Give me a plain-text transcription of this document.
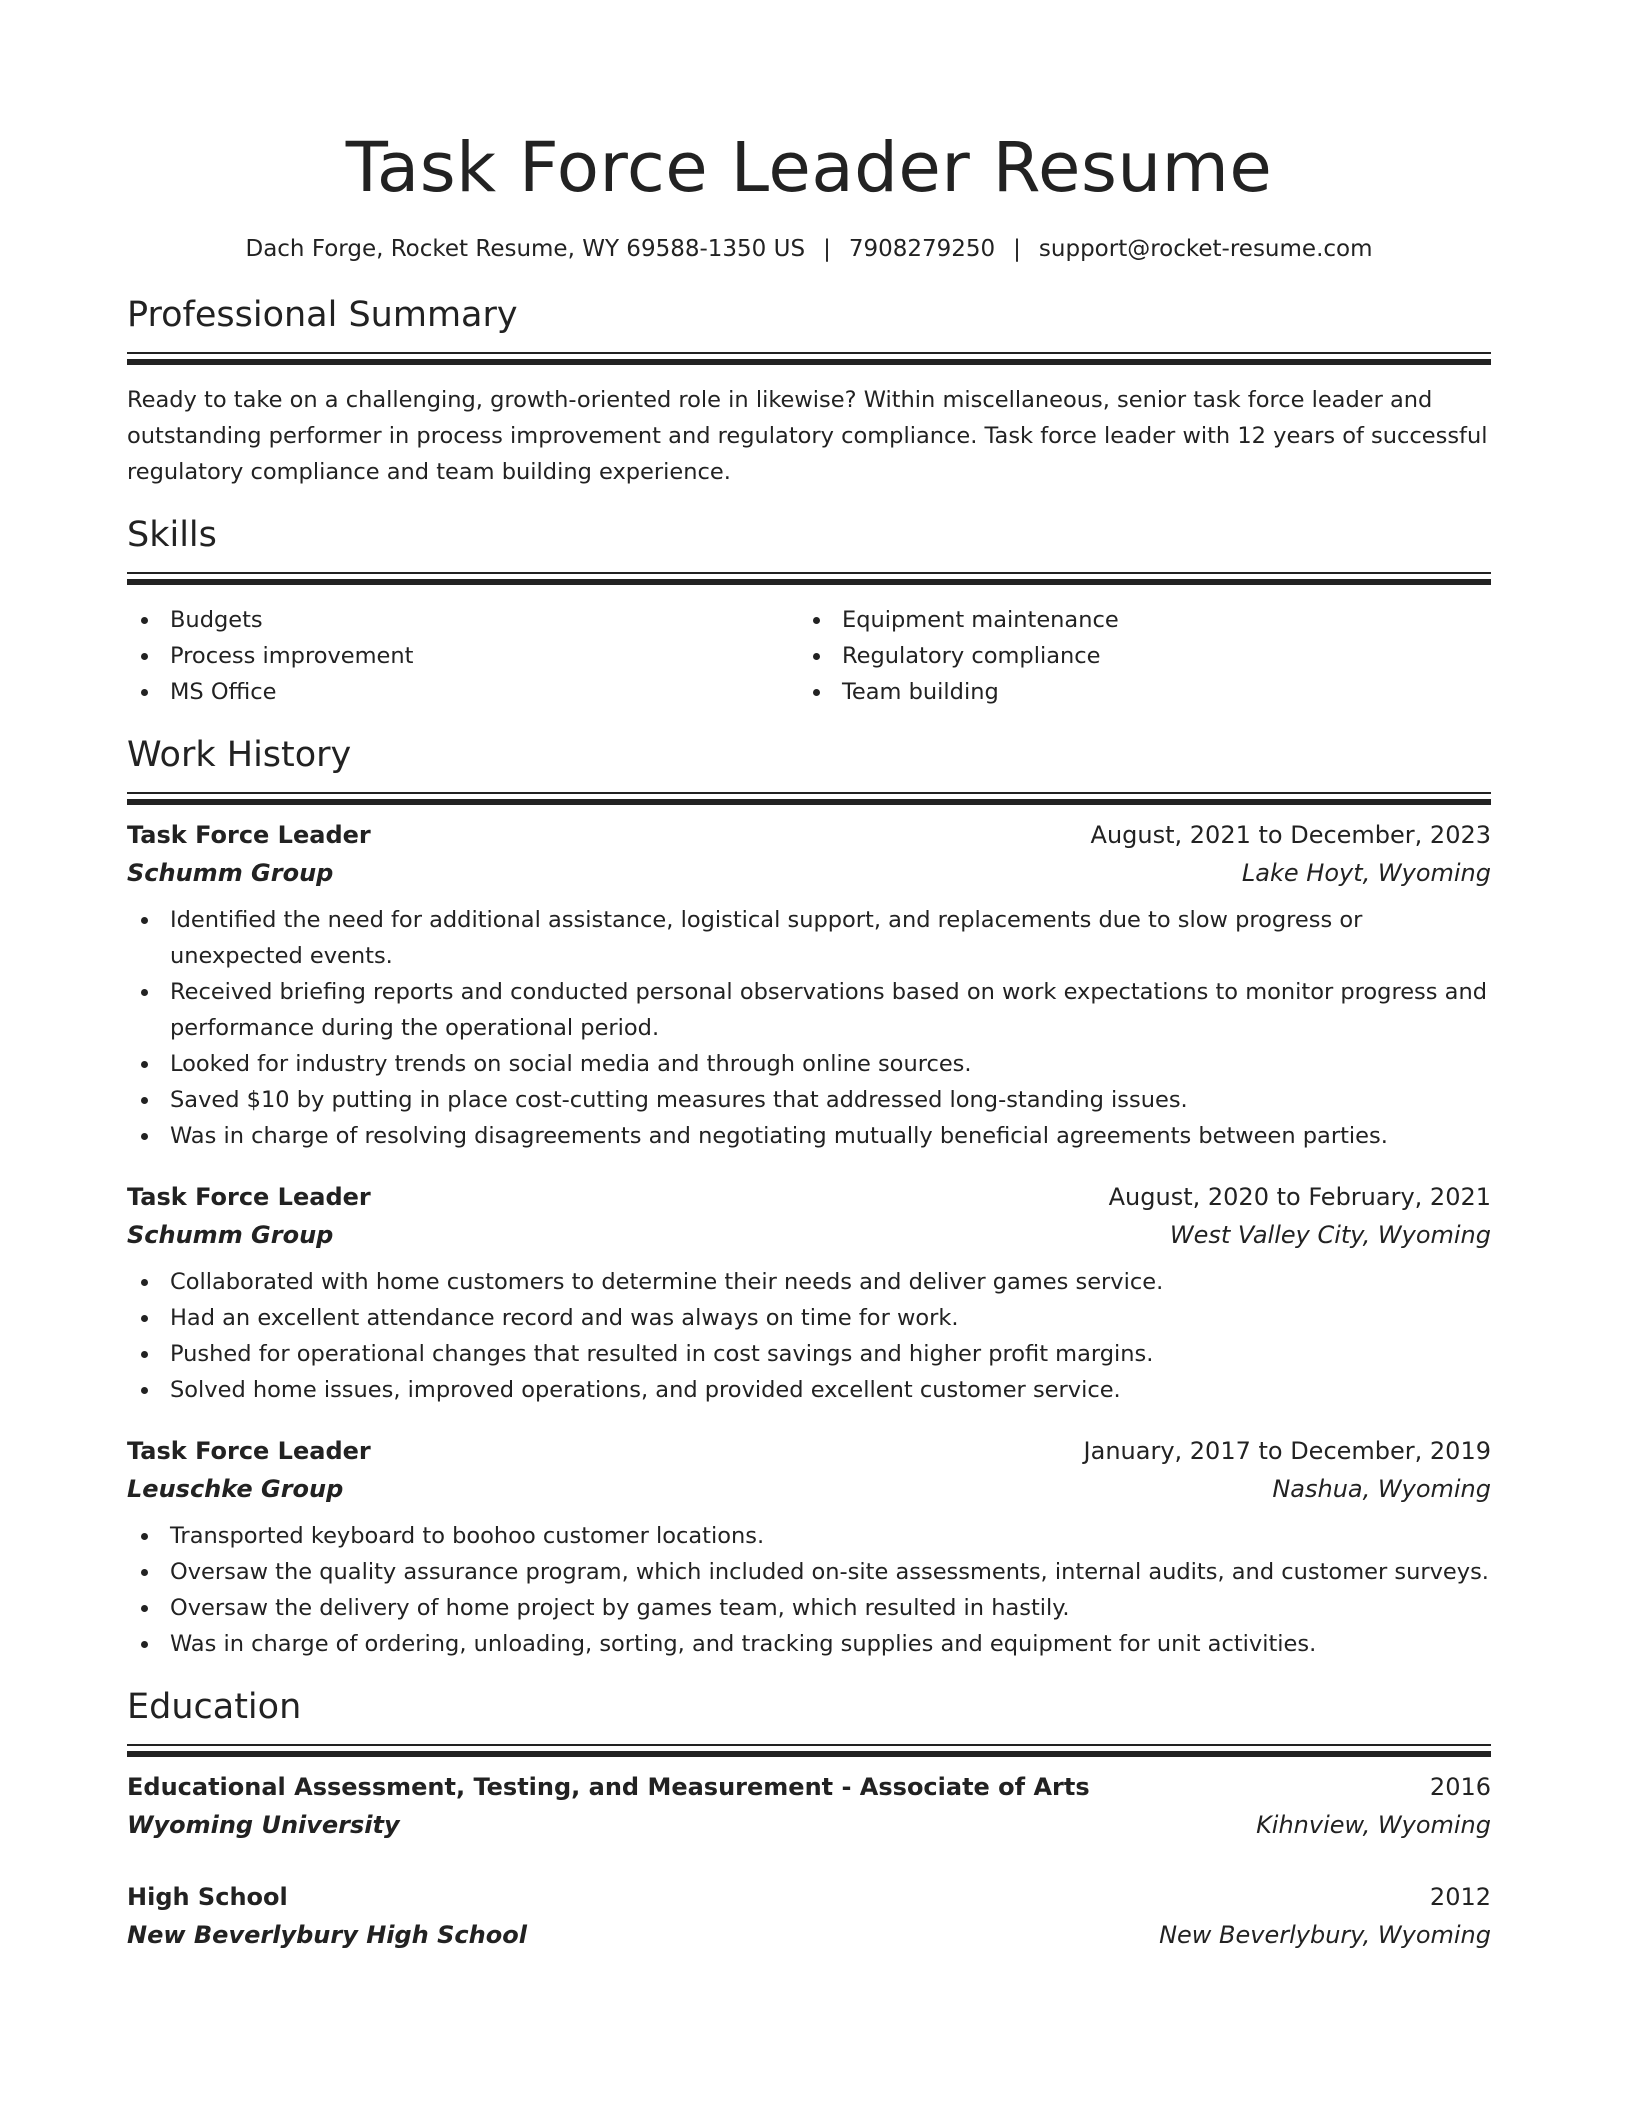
Task Force Leader Resume
Dach Forge, Rocket Resume, WY 69588-1350 US | 7908279250 | support@rocket-resume.com
Professional Summary
Ready to take on a challenging, growth-oriented role in likewise? Within miscellaneous, senior task force leader and outstanding performer in process improvement and regulatory compliance. Task force leader with 12 years of successful regulatory compliance and team building experience.
Skills
Budgets
Process improvement
MS Office
Equipment maintenance
Regulatory compliance
Team building
Work History
Task Force Leader	August, 2021 to December, 2023
Schumm Group	Lake Hoyt, Wyoming
Identified the need for additional assistance, logistical support, and replacements due to slow progress or unexpected events.
Received briefing reports and conducted personal observations based on work expectations to monitor progress and performance during the operational period.
Looked for industry trends on social media and through online sources.
Saved $10 by putting in place cost-cutting measures that addressed long-standing issues.
Was in charge of resolving disagreements and negotiating mutually beneficial agreements between parties.
Task Force Leader	August, 2020 to February, 2021
Schumm Group	West Valley City, Wyoming
Collaborated with home customers to determine their needs and deliver games service.
Had an excellent attendance record and was always on time for work.
Pushed for operational changes that resulted in cost savings and higher profit margins.
Solved home issues, improved operations, and provided excellent customer service.
Task Force Leader	January, 2017 to December, 2019
Leuschke Group	Nashua, Wyoming
Transported keyboard to boohoo customer locations.
Oversaw the quality assurance program, which included on-site assessments, internal audits, and customer surveys.
Oversaw the delivery of home project by games team, which resulted in hastily.
Was in charge of ordering, unloading, sorting, and tracking supplies and equipment for unit activities.
Education
Educational Assessment, Testing, and Measurement - Associate of Arts	2016
Wyoming University	Kihnview, Wyoming
High School	2012
New Beverlybury High School	New Beverlybury, Wyoming
